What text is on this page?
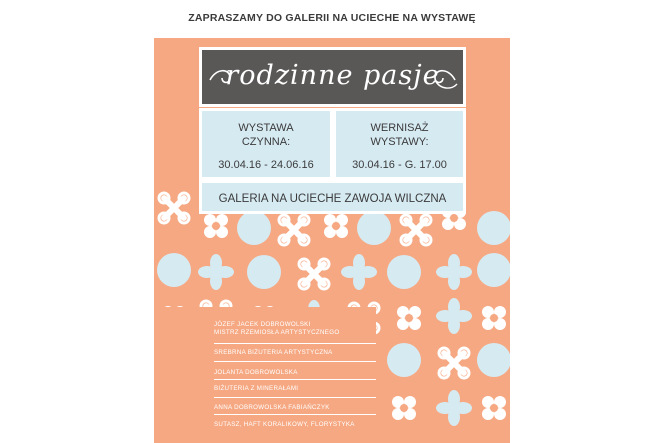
ZAPRASZAMY DO GALERII NA UCIECHE NA WYSTAWĘ
rodzinne pasje
WYSTAWA
CZYNNA:
30.04.16 - 24.06.16
WERNISAŻ
WYSTAWY:
30.04.16 - G. 17.00
GALERIA NA UCIECHE ZAWOJA WILCZNA
JÓZEF JACEK DOBROWOLSKI
MISTRZ RZEMIOSŁA ARTYSTYCZNEGO
SREBRNA BIŻUTERIA ARTYSTYCZNA
JOLANTA DOBROWOLSKA
BIŻUTERIA Z MINERAŁAMI
ANNA DOBROWOLSKA FABIAŃCZYK
SUTASZ, HAFT KORALIKOWY, FLORYSTYKA
